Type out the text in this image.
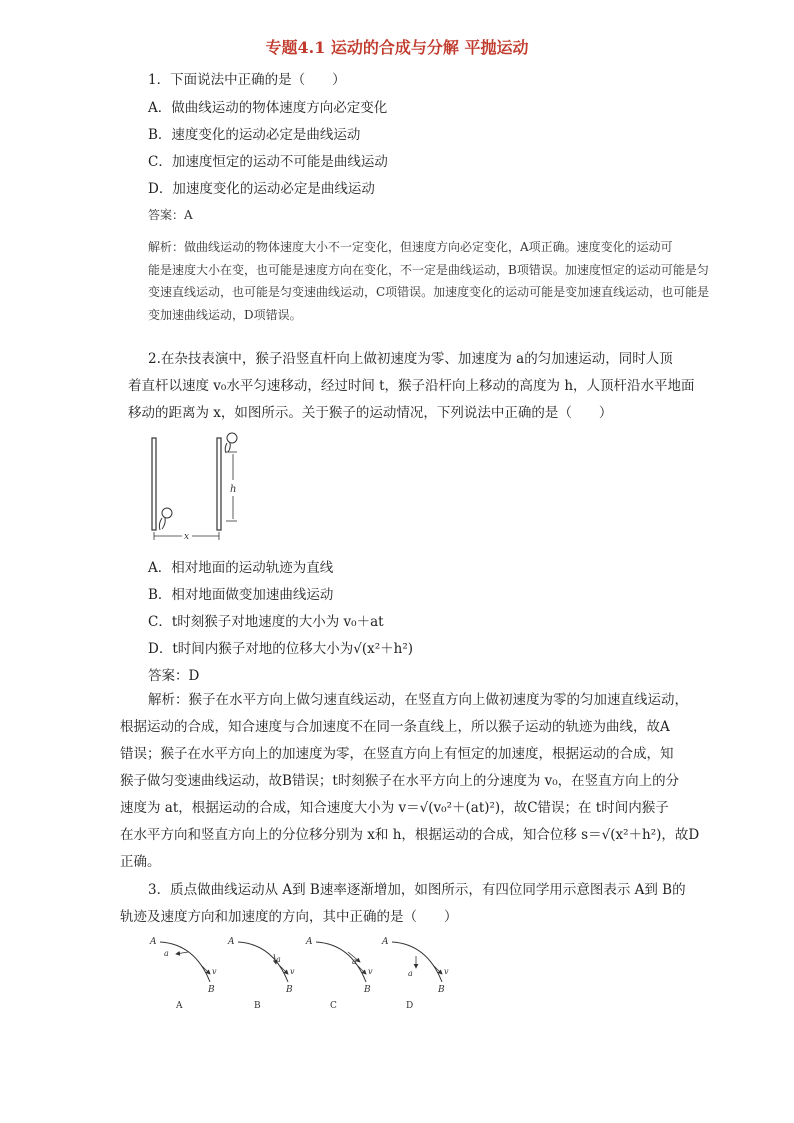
专题4.1 运动的合成与分解 平抛运动
1．下面说法中正确的是（　　）
A．做曲线运动的物体速度方向必定变化
B．速度变化的运动必定是曲线运动
C．加速度恒定的运动不可能是曲线运动
D．加速度变化的运动必定是曲线运动
答案：A
解析：做曲线运动的物体速度大小不一定变化，但速度方向必定变化，A项正确。速度变化的运动可
能是速度大小在变，也可能是速度方向在变化，不一定是曲线运动，B项错误。加速度恒定的运动可能是匀
变速直线运动，也可能是匀变速曲线运动，C项错误。加速度变化的运动可能是变加速直线运动，也可能是
变加速曲线运动，D项错误。
2.在杂技表演中，猴子沿竖直杆向上做初速度为零、加速度为 a的匀加速运动，同时人顶
着直杆以速度 v₀水平匀速移动，经过时间 t，猴子沿杆向上移动的高度为 h，人顶杆沿水平地面
移动的距离为 x，如图所示。关于猴子的运动情况，下列说法中正确的是（　　）
h
x
A．相对地面的运动轨迹为直线
B．相对地面做变加速曲线运动
C．t时刻猴子对地速度的大小为 v₀＋at
D．t时间内猴子对地的位移大小为√(x²＋h²)
答案：D
解析：猴子在水平方向上做匀速直线运动，在竖直方向上做初速度为零的匀加速直线运动，
根据运动的合成，知合速度与合加速度不在同一条直线上，所以猴子运动的轨迹为曲线，故A
错误；猴子在水平方向上的加速度为零，在竖直方向上有恒定的加速度，根据运动的合成，知
猴子做匀变速曲线运动，故B错误；t时刻猴子在水平方向上的分速度为 v₀，在竖直方向上的分
速度为 at，根据运动的合成，知合速度大小为 v＝√(v₀²＋(at)²)，故C错误；在 t时间内猴子
在水平方向和竖直方向上的分位移分别为 x和 h，根据运动的合成，知合位移 s＝√(x²＋h²)，故D
正确。
3．质点做曲线运动从 A到 B速率逐渐增加，如图所示，有四位同学用示意图表示 A到 B的
轨迹及速度方向和加速度的方向，其中正确的是（　　）
A
a
v
B
A
A
a
v
B
B
A
a
v
B
C
A
a	v
B
D
